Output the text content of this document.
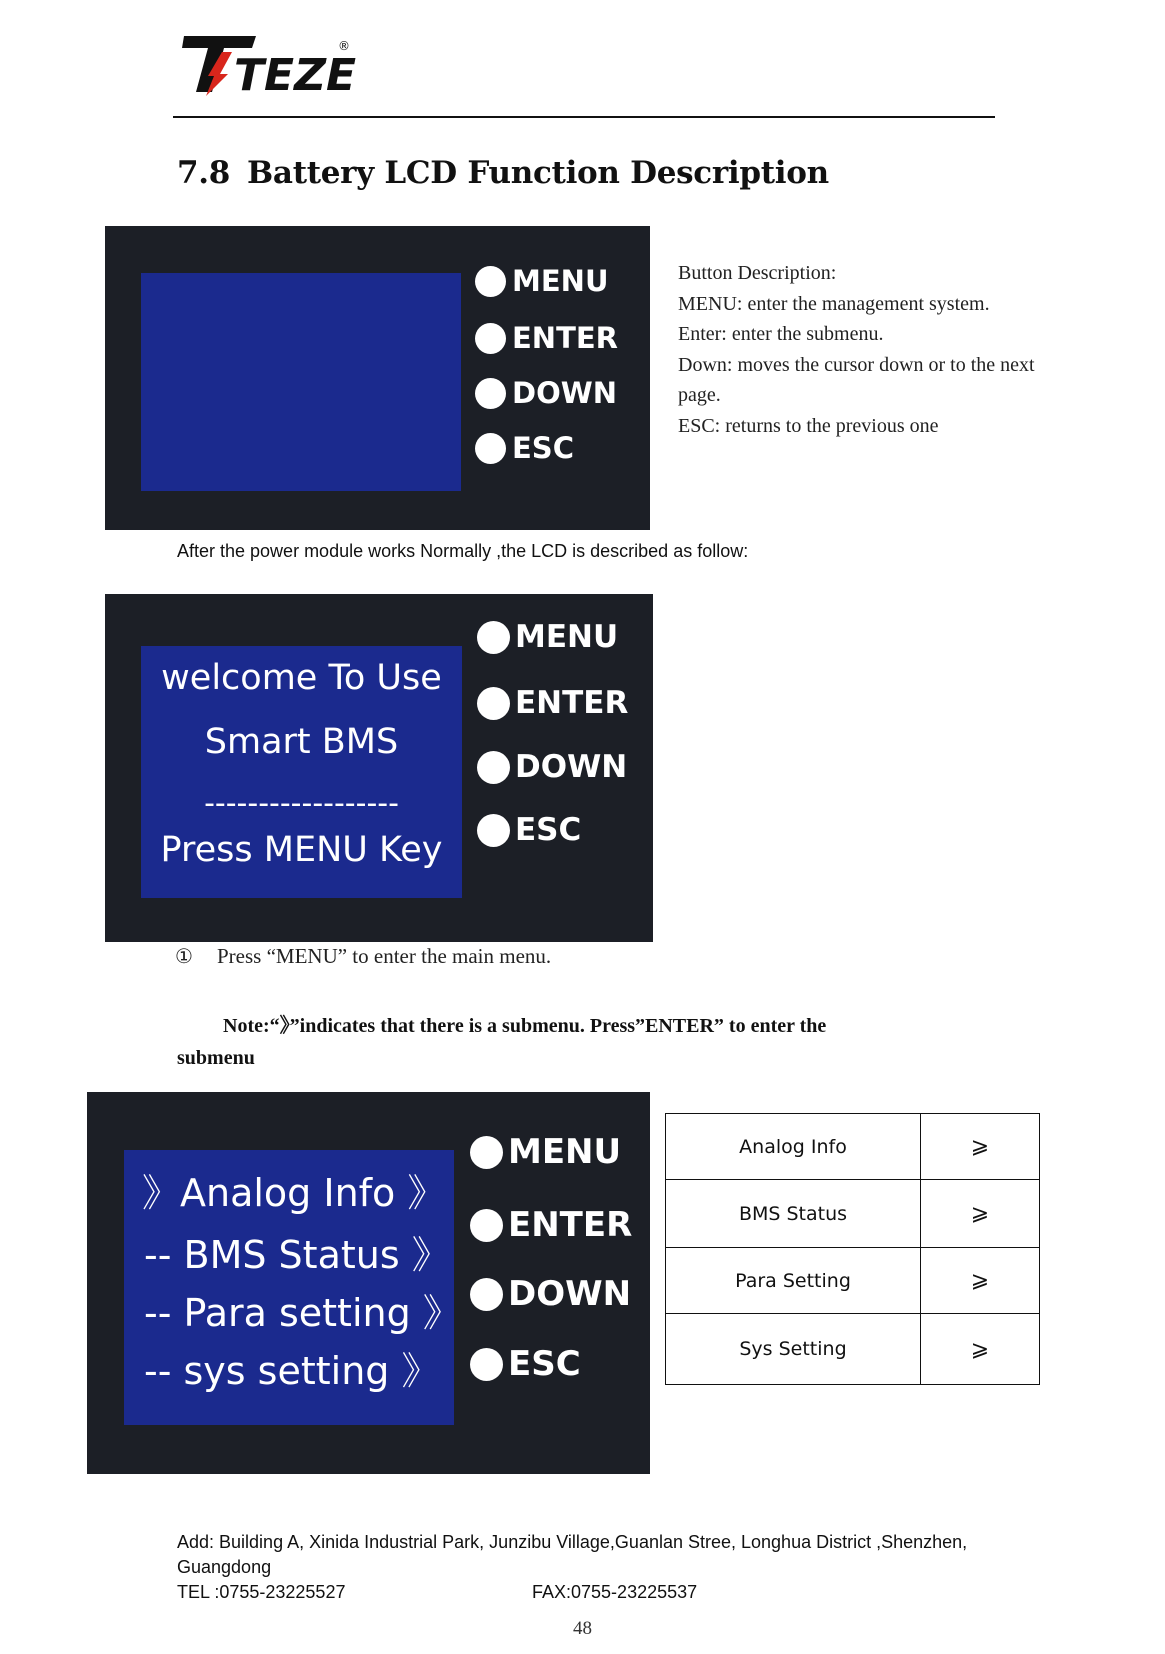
TEZE
®
7.8 Battery LCD Function Description
MENU
ENTER
DOWN
ESC
Button Description:
MENU: enter the management system.
Enter: enter the submenu.
Down: moves the cursor down or to the next
page.
ESC: returns to the previous one
After the power module works Normally ,the LCD is described as follow:
welcome To Use
Smart BMS
------------------
Press MENU Key
MENU
ENTER
DOWN
ESC
① Press “MENU” to enter the main menu.
Note:“》”indicates that there is a submenu. Press”ENTER” to enter the
submenu
》Analog Info 》
-- BMS Status 》
-- Para setting 》
-- sys setting 》
MENU
ENTER
DOWN
ESC
Analog Info	⩾
BMS Status	⩾
Para Setting	⩾
Sys Setting	⩾
Add: Building A, Xinida Industrial Park, Junzibu Village,Guanlan Stree, Longhua District ,Shenzhen,
Guangdong
TEL :0755-23225527	FAX:0755-23225537
48
